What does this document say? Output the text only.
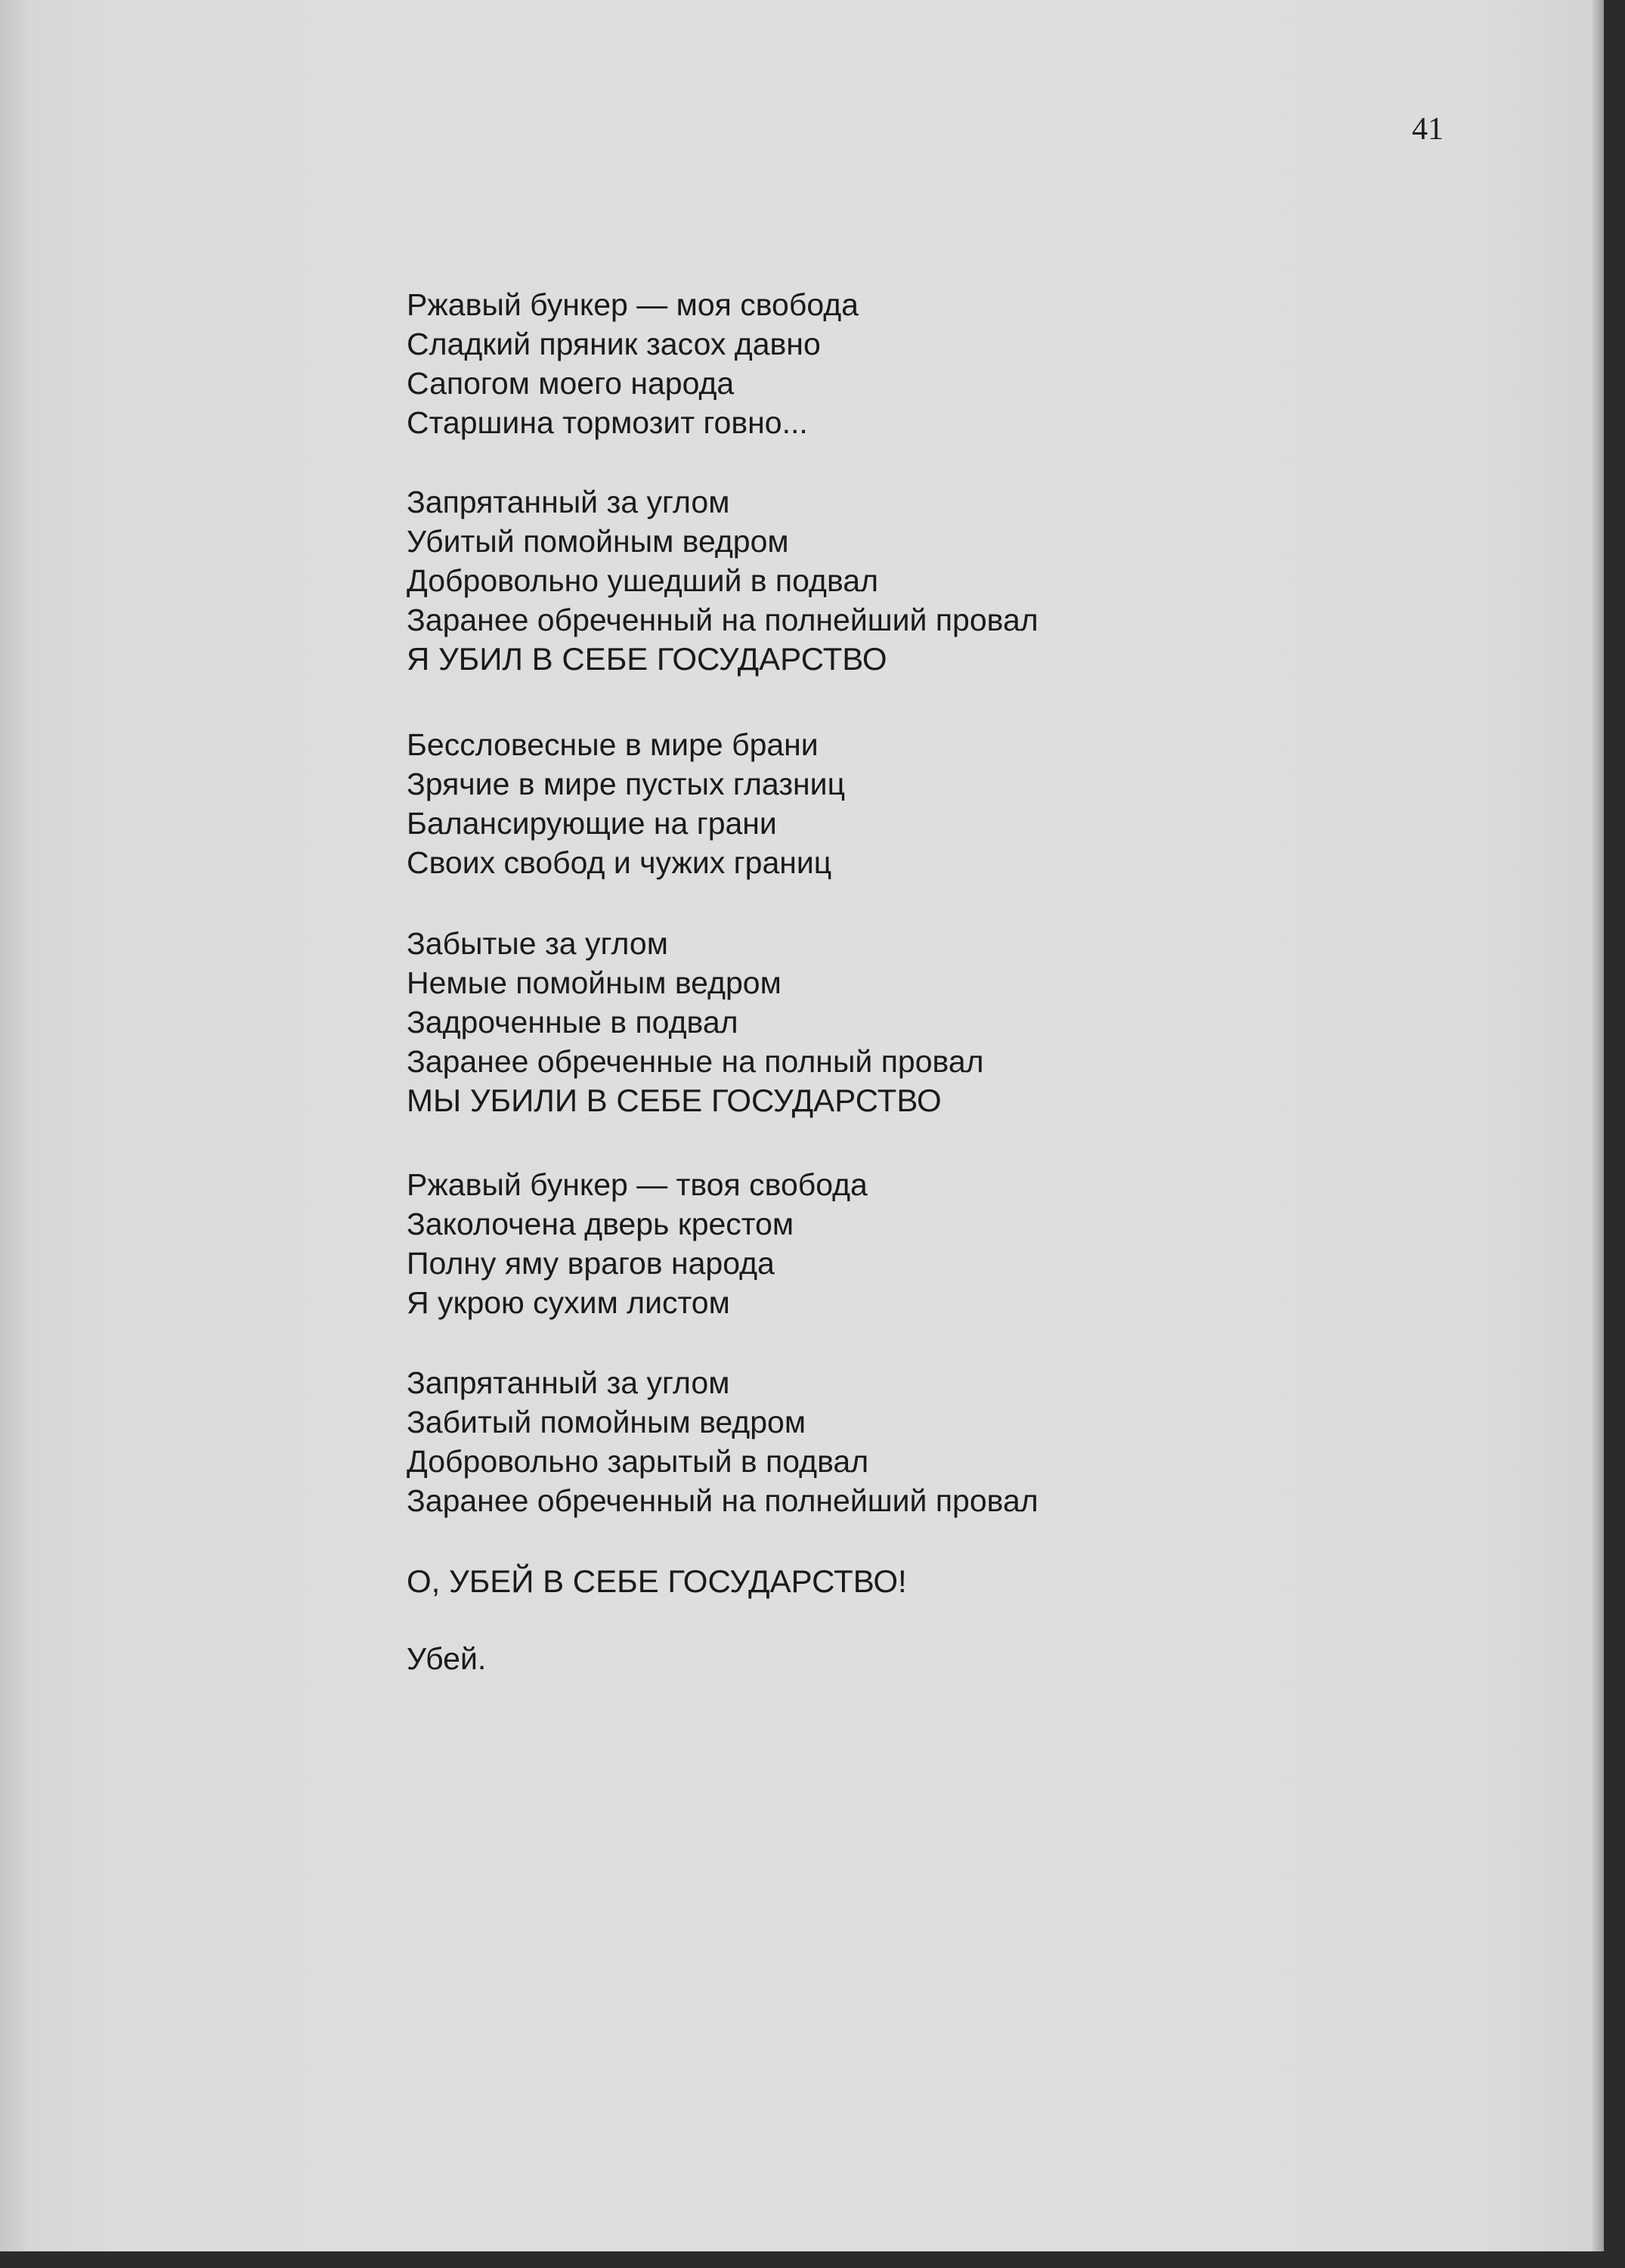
41
Ржавый бункер — моя свобода
Сладкий пряник засох давно
Сапогом моего народа
Старшина тормозит говно...
Запрятанный за углом
Убитый помойным ведром
Добровольно ушедший в подвал
Заранее обреченный на полнейший провал
Я УБИЛ В СЕБЕ ГОСУДАРСТВО
Бессловесные в мире брани
Зрячие в мире пустых глазниц
Балансирующие на грани
Своих свобод и чужих границ
Забытые за углом
Немые помойным ведром
Задроченные в подвал
Заранее обреченные на полный провал
МЫ УБИЛИ В СЕБЕ ГОСУДАРСТВО
Ржавый бункер — твоя свобода
Заколочена дверь крестом
Полну яму врагов народа
Я укрою сухим листом
Запрятанный за углом
Забитый помойным ведром
Добровольно зарытый в подвал
Заранее обреченный на полнейший провал
О, УБЕЙ В СЕБЕ ГОСУДАРСТВО!
Убей.
